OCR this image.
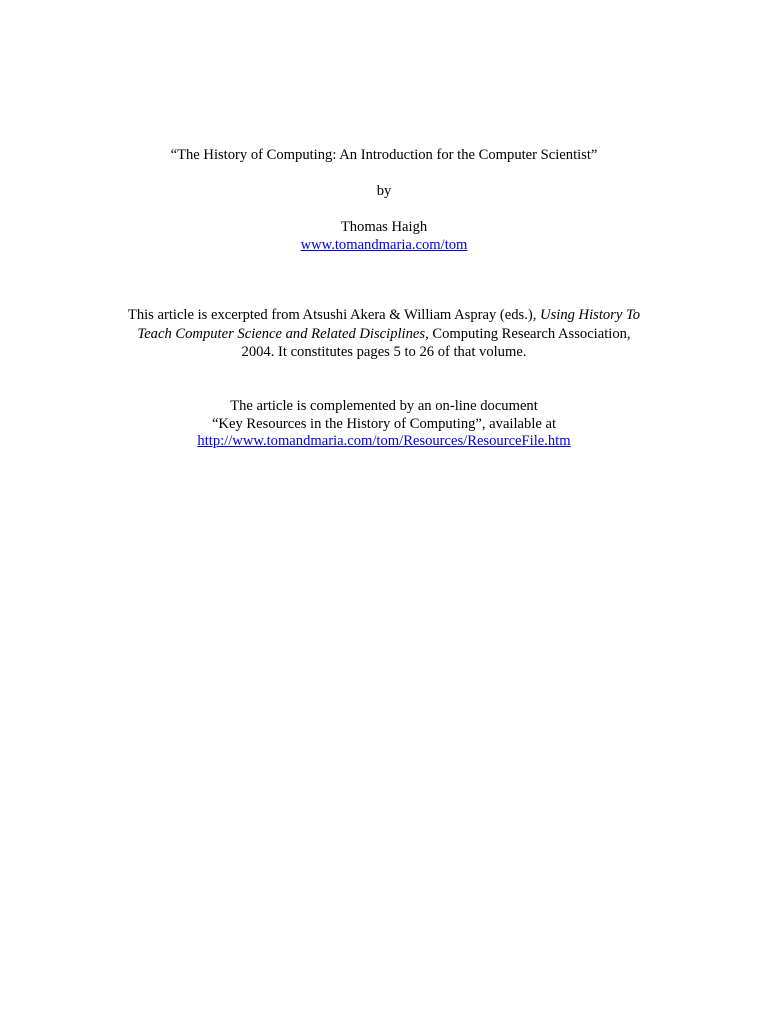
“The History of Computing: An Introduction for the Computer Scientist”
by
Thomas Haigh
www.tomandmaria.com/tom
This article is excerpted from Atsushi Akera & William Aspray (eds.), Using History To
Teach Computer Science and Related Disciplines, Computing Research Association,
2004. It constitutes pages 5 to 26 of that volume.
The article is complemented by an on-line document
“Key Resources in the History of Computing”, available at
http://www.tomandmaria.com/tom/Resources/ResourceFile.htm
